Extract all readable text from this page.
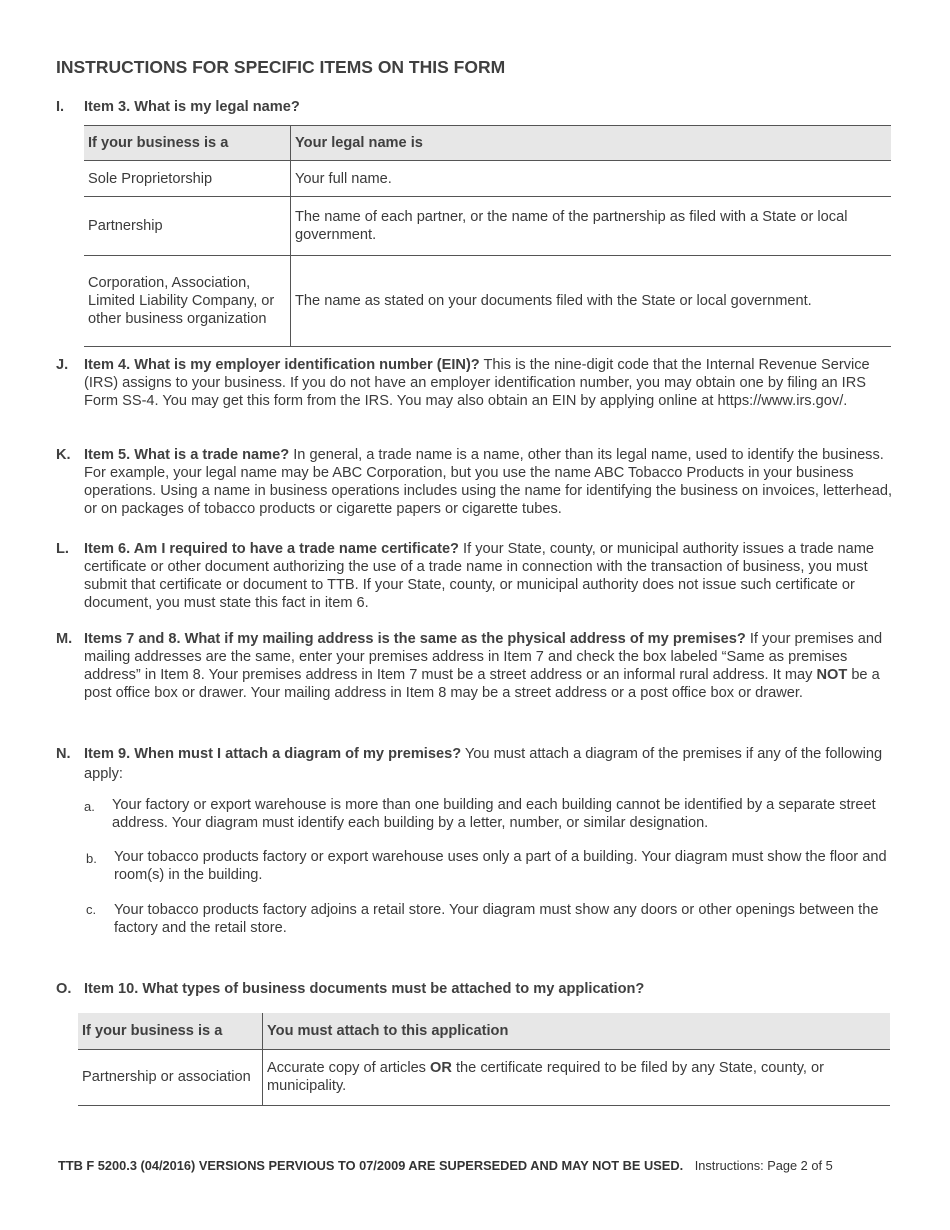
INSTRUCTIONS FOR SPECIFIC ITEMS ON THIS FORM
I. Item 3. What is my legal name?
If your business is a	Your legal name is
Sole Proprietorship	Your full name.
Partnership	The name of each partner, or the name of the partnership as filed with a State or local government.
Corporation, Association, Limited Liability Company, or other business organization	The name as stated on your documents filed with the State or local government.
J. Item 4. What is my employer identification number (EIN)? This is the nine-digit code that the Internal Revenue Service (IRS) assigns to your business. If you do not have an employer identification number, you may obtain one by filing an IRS Form SS-4. You may get this form from the IRS. You may also obtain an EIN by applying online at https://www.irs.gov/.
K. Item 5. What is a trade name? In general, a trade name is a name, other than its legal name, used to identify the business. For example, your legal name may be ABC Corporation, but you use the name ABC Tobacco Products in your business operations. Using a name in business operations includes using the name for identifying the business on invoices, letterhead, or on packages of tobacco products or cigarette papers or cigarette tubes.
L. Item 6. Am I required to have a trade name certificate? If your State, county, or municipal authority issues a trade name certificate or other document authorizing the use of a trade name in connection with the transaction of business, you must submit that certificate or document to TTB. If your State, county, or municipal authority does not issue such certificate or document, you must state this fact in item 6.
M. Items 7 and 8. What if my mailing address is the same as the physical address of my premises? If your premises and mailing addresses are the same, enter your premises address in Item 7 and check the box labeled “Same as premises address” in Item 8. Your premises address in Item 7 must be a street address or an informal rural address. It may NOT be a post office box or drawer. Your mailing address in Item 8 may be a street address or a post office box or drawer.
N. Item 9. When must I attach a diagram of my premises? You must attach a diagram of the premises if any of the following apply:
a. Your factory or export warehouse is more than one building and each building cannot be identified by a separate street address. Your diagram must identify each building by a letter, number, or similar designation.
b. Your tobacco products factory or export warehouse uses only a part of a building. Your diagram must show the floor and room(s) in the building.
c. Your tobacco products factory adjoins a retail store. Your diagram must show any doors or other openings between the factory and the retail store.
O. Item 10. What types of business documents must be attached to my application?
If your business is a	You must attach to this application
Partnership or association	Accurate copy of articles OR the certificate required to be filed by any State, county, or municipality.
TTB F 5200.3 (04/2016) VERSIONS PERVIOUS TO 07/2009 ARE SUPERSEDED AND MAY NOT BE USED. Instructions: Page 2 of 5
